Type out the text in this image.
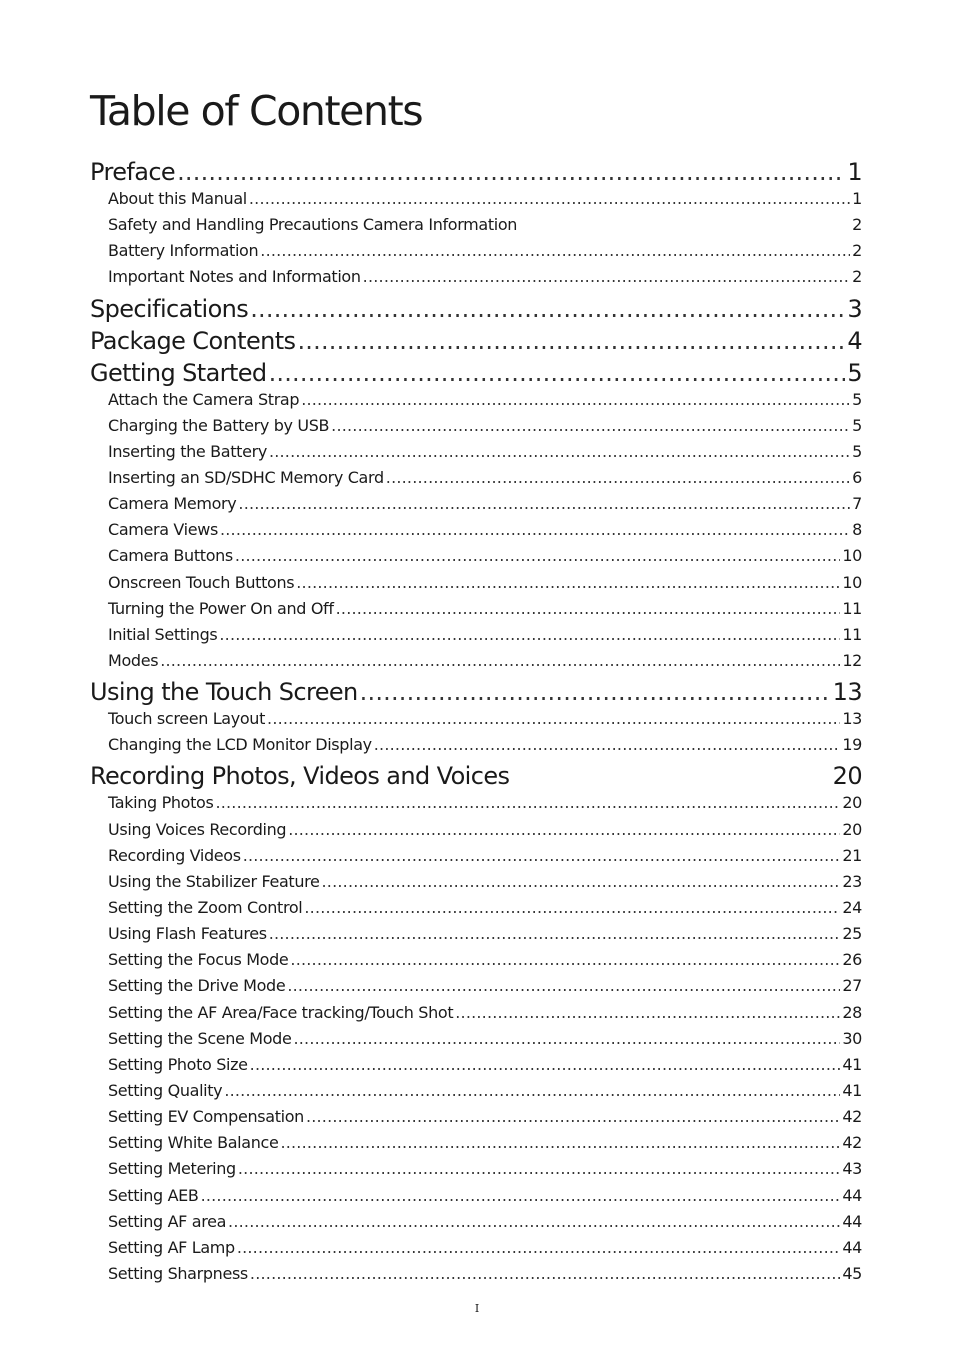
Table of Contents
Preface .....	1
About this Manual .....	1
Safety and Handling Precautions Camera Information	2
Battery Information .....	2
Important Notes and Information .....	2
Specifications .....	3
Package Contents .....	4
Getting Started .....	5
Attach the Camera Strap .....	5
Charging the Battery by USB .....	5
Inserting the Battery .....	5
Inserting an SD/SDHC Memory Card .....	6
Camera Memory .....	7
Camera Views .....	8
Camera Buttons .....	10
Onscreen Touch Buttons .....	10
Turning the Power On and Off .....	11
Initial Settings .....	11
Modes .....	12
Using the Touch Screen .....	13
Touch screen Layout .....	13
Changing the LCD Monitor Display .....	19
Recording Photos, Videos and Voices	20
Taking Photos .....	20
Using Voices Recording .....	20
Recording Videos .....	21
Using the Stabilizer Feature .....	23
Setting the Zoom Control .....	24
Using Flash Features .....	25
Setting the Focus Mode .....	26
Setting the Drive Mode .....	27
Setting the AF Area/Face tracking/Touch Shot .....	28
Setting the Scene Mode .....	30
Setting Photo Size .....	41
Setting Quality .....	41
Setting EV Compensation .....	42
Setting White Balance .....	42
Setting Metering .....	43
Setting AEB .....	44
Setting AF area .....	44
Setting AF Lamp .....	44
Setting Sharpness .....	45
I
